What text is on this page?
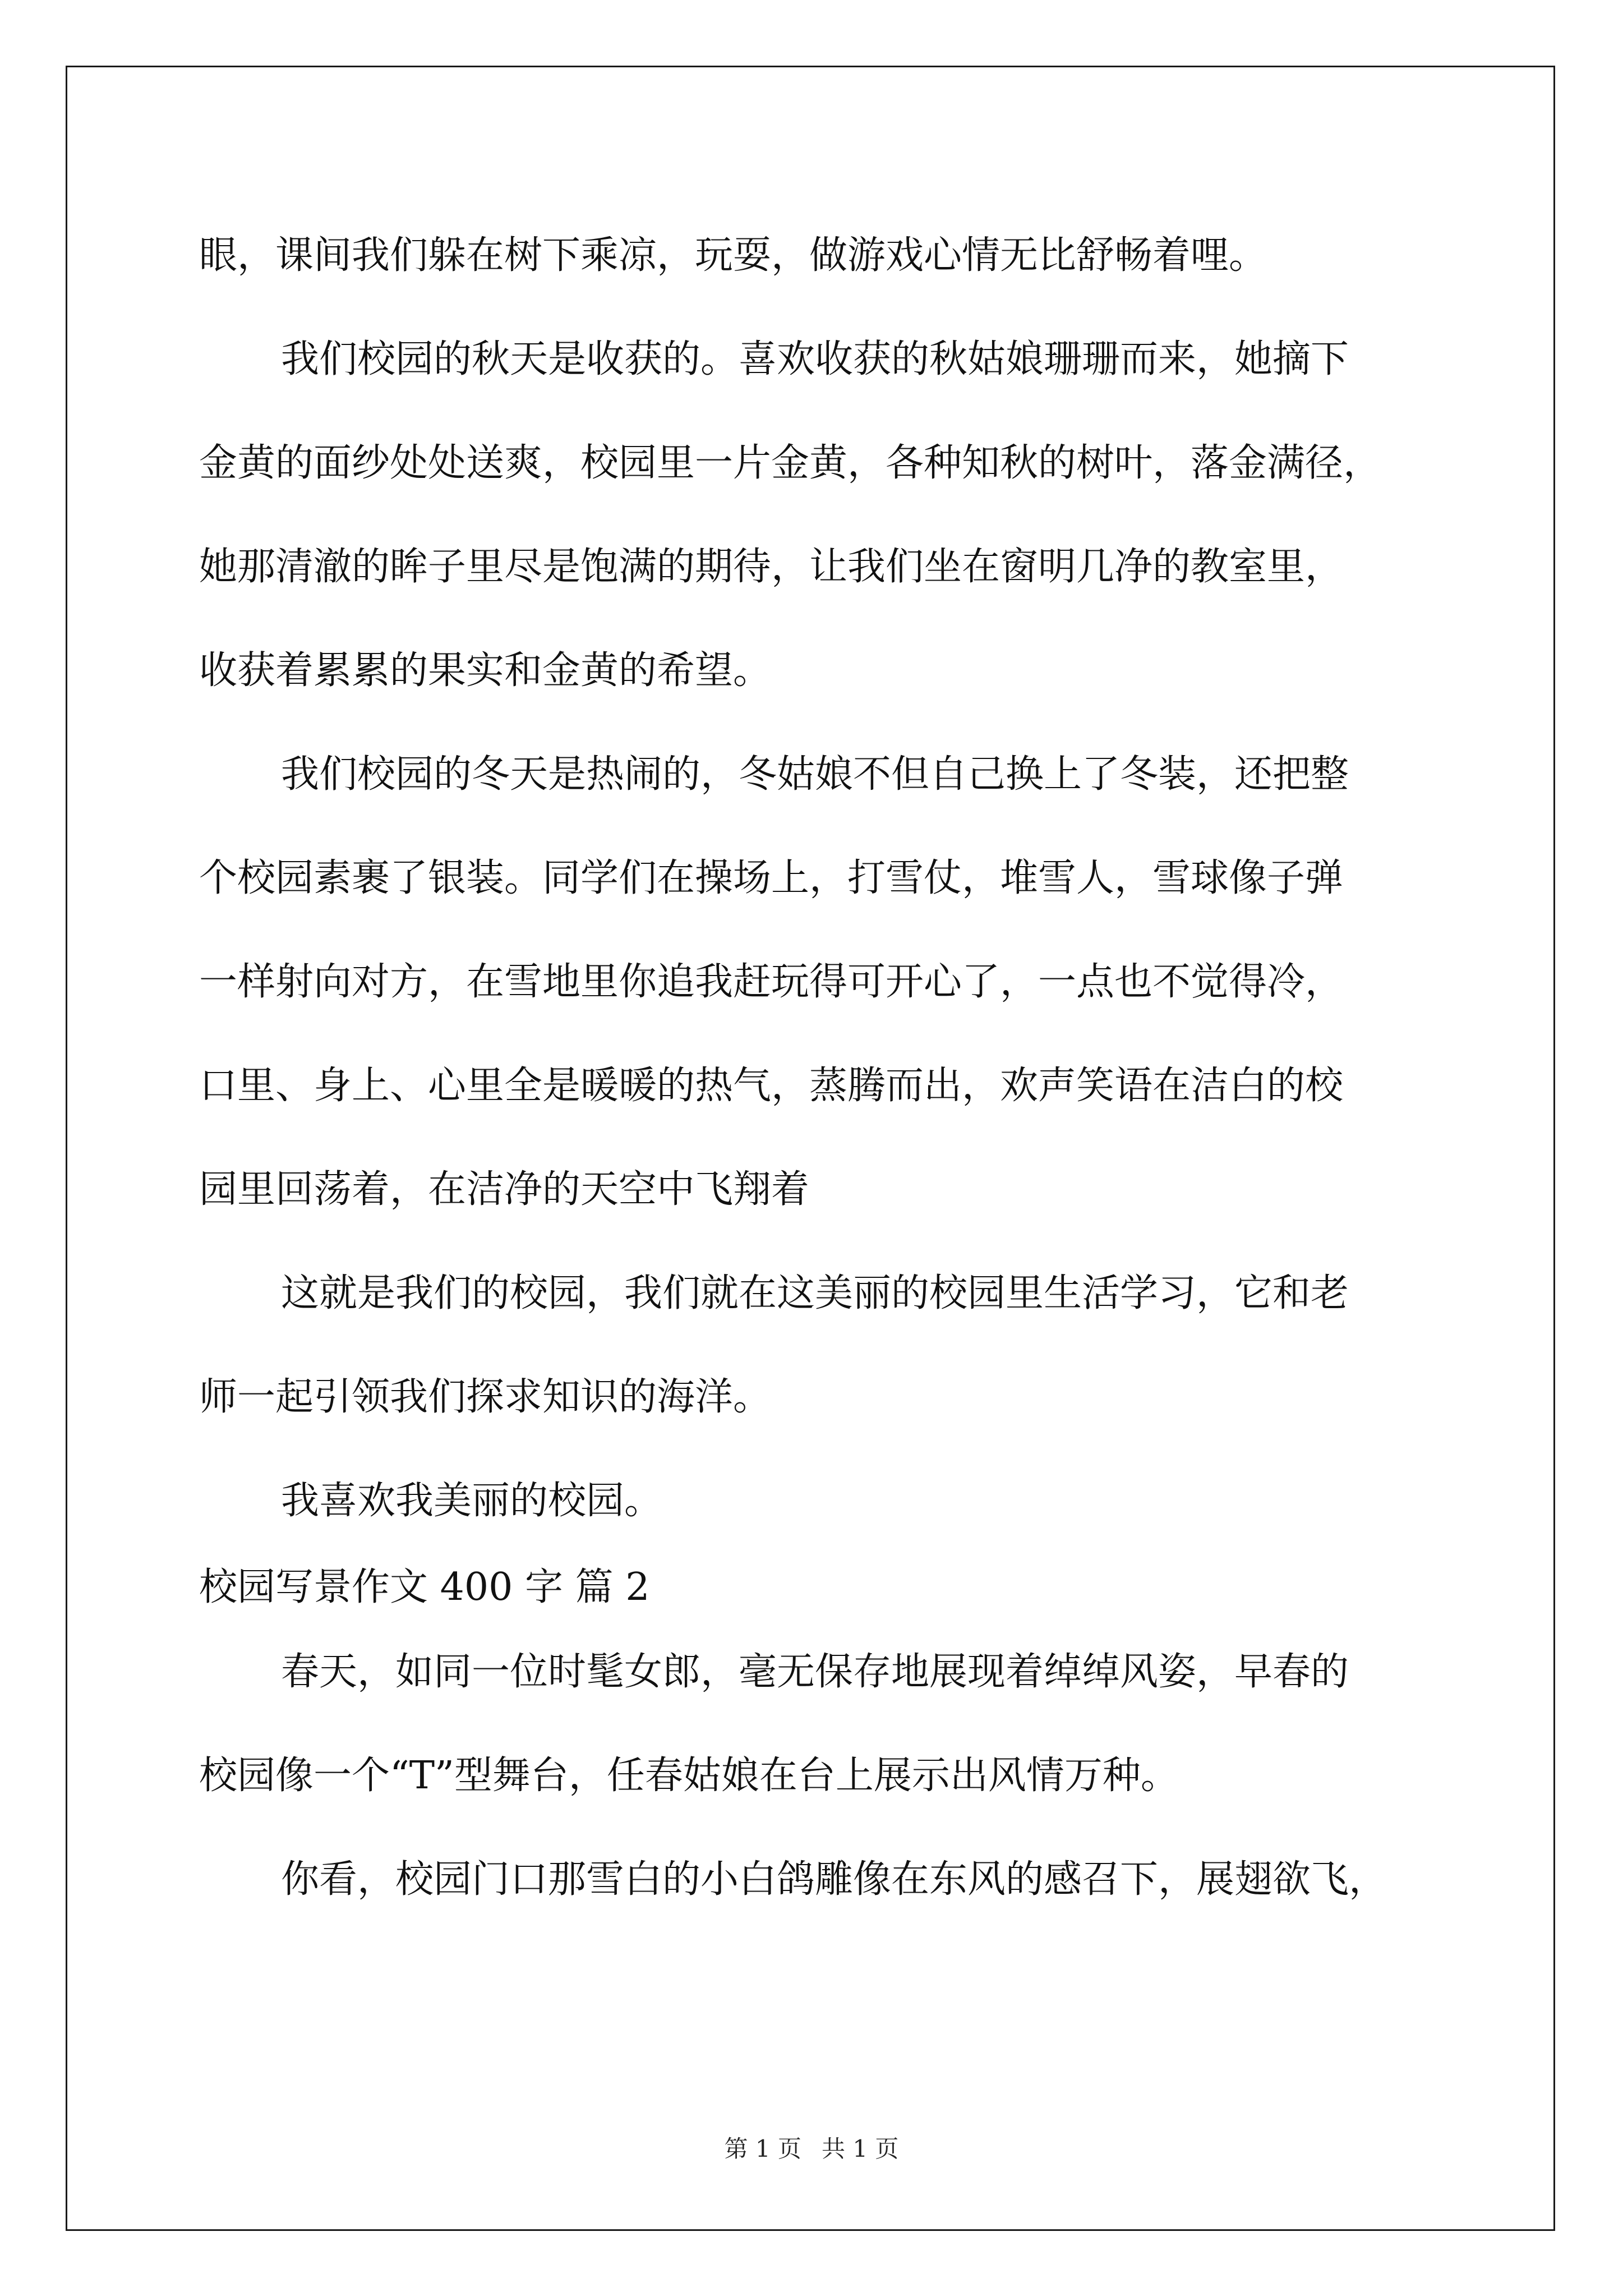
眼，课间我们躲在树下乘凉，玩耍，做游戏心情无比舒畅着哩。
我们校园的秋天是收获的。喜欢收获的秋姑娘珊珊而来，她摘下
金黄的面纱处处送爽，校园里一片金黄，各种知秋的树叶，落金满径，
她那清澈的眸子里尽是饱满的期待，让我们坐在窗明几净的教室里，
收获着累累的果实和金黄的希望。
我们校园的冬天是热闹的，冬姑娘不但自己换上了冬装，还把整
个校园素裹了银装。同学们在操场上，打雪仗，堆雪人，雪球像子弹
一样射向对方，在雪地里你追我赶玩得可开心了，一点也不觉得冷，
口里、身上、心里全是暖暖的热气，蒸腾而出，欢声笑语在洁白的校
园里回荡着，在洁净的天空中飞翔着
这就是我们的校园，我们就在这美丽的校园里生活学习，它和老
师一起引领我们探求知识的海洋。
我喜欢我美丽的校园。
校园写景作文 400 字 篇 2
春天，如同一位时髦女郎，毫无保存地展现着绰绰风姿，早春的
校园像一个“T”型舞台，任春姑娘在台上展示出风情万种。
你看，校园门口那雪白的小白鸽雕像在东风的感召下，展翅欲飞，
第 1 页 共 1 页
